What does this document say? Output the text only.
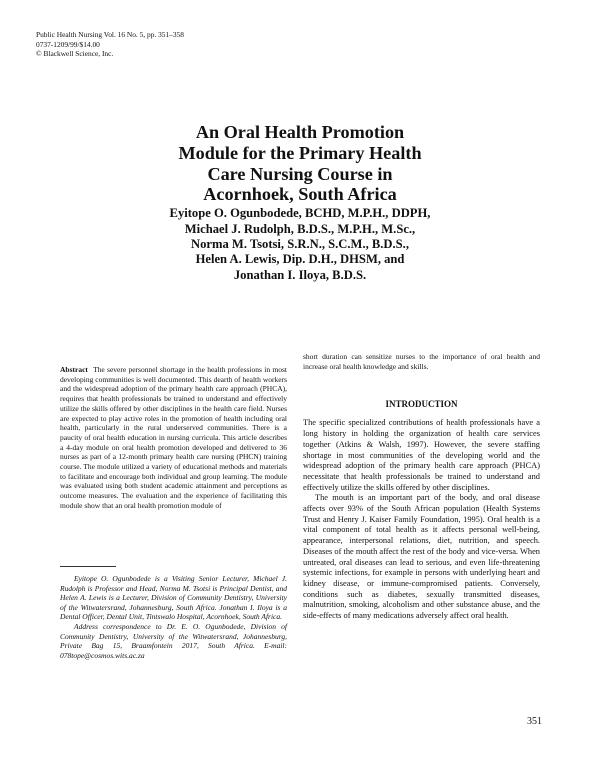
Public Health Nursing Vol. 16 No. 5, pp. 351–358
0737-1209/99/$14.00
© Blackwell Science, Inc.
An Oral Health Promotion
Module for the Primary Health
Care Nursing Course in
Acornhoek, South Africa
Eyitope O. Ogunbodede, BCHD, M.P.H., DDPH,
Michael J. Rudolph, B.D.S., M.P.H., M.Sc.,
Norma M. Tsotsi, S.R.N., S.C.M., B.D.S.,
Helen A. Lewis, Dip. D.H., DHSM, and
Jonathan I. Iloya, B.D.S.

Abstract The severe personnel shortage in the health professions in most developing communities is well documented. This dearth of health workers and the widespread adoption of the primary health care approach (PHCA), requires that health professionals be trained to understand and effectively utilize the skills offered by other disciplines in the health care field. Nurses are expected to play active roles in the promotion of health including oral health, particularly in the rural underserved communities. There is a paucity of oral health education in nursing curricula. This article describes a 4-day module on oral health promotion developed and delivered to 36 nurses as part of a 12-month primary health care nursing (PHCN) training course. The module utilized a variety of educational methods and materials to facilitate and encourage both individual and group learning. The module was evaluated using both student academic attainment and perceptions as outcome measures. The evaluation and the experience of facilitating this module show that an oral health promotion module of

Eyitope O. Ogunbodede is a Visiting Senior Lecturer, Michael J. Rudolph is Professor and Head, Norma M. Tsotsi is Principal Dentist, and Helen A. Lewis is a Lecturer, Division of Community Dentistry, University of the Witwatersrand, Johannesburg, South Africa. Jonathan I. Iloya is a Dental Officer, Dental Unit, Tintswalo Hospital, Acornhoek, South Africa.

Address correspondence to Dr. E. O. Ogunbodede, Division of Community Dentistry, University of the Witwatersrand, Johannesburg, Private Bag 15, Braamfontein 2017, South Africa. E-mail: 078tope@cosmos.wits.ac.za

short duration can sensitize nurses to the importance of oral health and increase oral health knowledge and skills.

INTRODUCTION

The specific specialized contributions of health professionals have a long history in holding the organization of health care services together (Atkins & Walsh, 1997). However, the severe staffing shortage in most communities of the developing world and the widespread adoption of the primary health care approach (PHCA) necessitate that health professionals be trained to understand and effectively utilize the skills offered by other disciplines.

The mouth is an important part of the body, and oral disease affects over 93% of the South African population (Health Systems Trust and Henry J. Kaiser Family Foundation, 1995). Oral health is a vital component of total health as it affects personal well-being, appearance, interpersonal relations, diet, nutrition, and speech. Diseases of the mouth affect the rest of the body and vice-versa. When untreated, oral diseases can lead to serious, and even life-threatening systemic infections, for example in persons with underlying heart and kidney disease, or immune-compromised patients. Conversely, conditions such as diabetes, sexually transmitted diseases, malnutrition, smoking, alcoholism and other substance abuse, and the side-effects of many medications adversely affect oral health.

351
